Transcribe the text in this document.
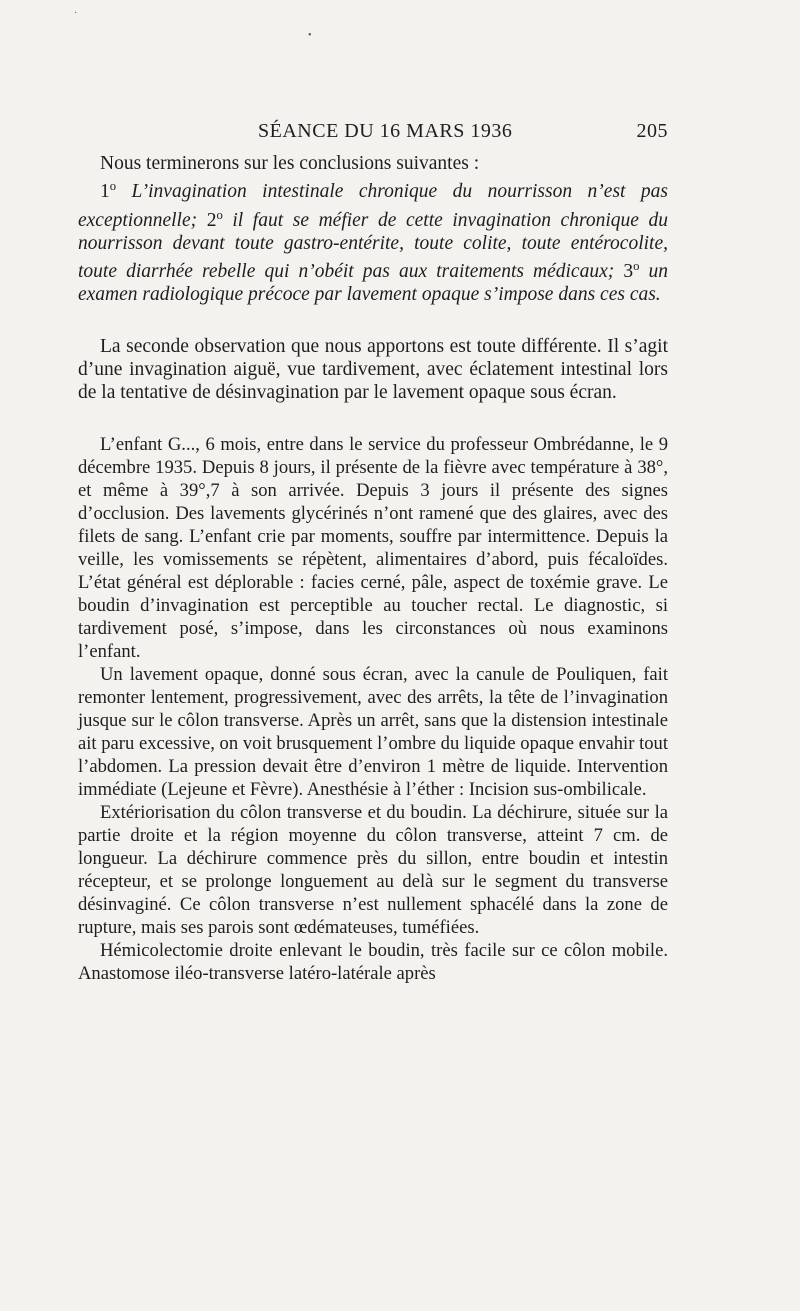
·
•
SÉANCE DU 16 MARS 1936	205

Nous terminerons sur les conclusions suivantes :

1$^o$ L’invagination intestinale chronique du nourrisson n’est pas exceptionnelle; 2$^o$ il faut se méfier de cette invagination chronique du nourrisson devant toute gastro-entérite, toute colite, toute entérocolite, toute diarrhée rebelle qui n’obéit pas aux traitements médicaux; 3$^o$ un examen radiologique précoce par lavement opaque s’impose dans ces cas.

La seconde observation que nous apportons est toute différente. Il s’agit d’une invagination aiguë, vue tardivement, avec éclatement intestinal lors de la tentative de désinvagination par le lavement opaque sous écran.

L’enfant G..., 6 mois, entre dans le service du professeur Ombrédanne, le 9 décembre 1935. Depuis 8 jours, il présente de la fièvre avec température à 38°, et même à 39°,7 à son arrivée. Depuis 3 jours il présente des signes d’occlusion. Des lavements glycérinés n’ont ramené que des glaires, avec des filets de sang. L’enfant crie par moments, souffre par intermittence. Depuis la veille, les vomissements se répètent, alimentaires d’abord, puis fécaloïdes. L’état général est déplorable : facies cerné, pâle, aspect de toxémie grave. Le boudin d’invagination est perceptible au toucher rectal. Le diagnostic, si tardivement posé, s’impose, dans les circonstances où nous examinons l’enfant.

Un lavement opaque, donné sous écran, avec la canule de Pouliquen, fait remonter lentement, progressivement, avec des arrêts, la tête de l’invagination jusque sur le côlon transverse. Après un arrêt, sans que la distension intestinale ait paru excessive, on voit brusquement l’ombre du liquide opaque envahir tout l’abdomen. La pression devait être d’environ 1 mètre de liquide. Intervention immédiate (Lejeune et Fèvre). Anesthésie à l’éther : Incision sus-ombilicale.

Extériorisation du côlon transverse et du boudin. La déchirure, située sur la partie droite et la région moyenne du côlon transverse, atteint 7 cm. de longueur. La déchirure commence près du sillon, entre boudin et intestin récepteur, et se prolonge longuement au delà sur le segment du transverse désinvaginé. Ce côlon transverse n’est nullement sphacélé dans la zone de rupture, mais ses parois sont œdémateuses, tuméfiées.

Hémicolectomie droite enlevant le boudin, très facile sur ce côlon mobile. Anastomose iléo-transverse latéro-latérale après
